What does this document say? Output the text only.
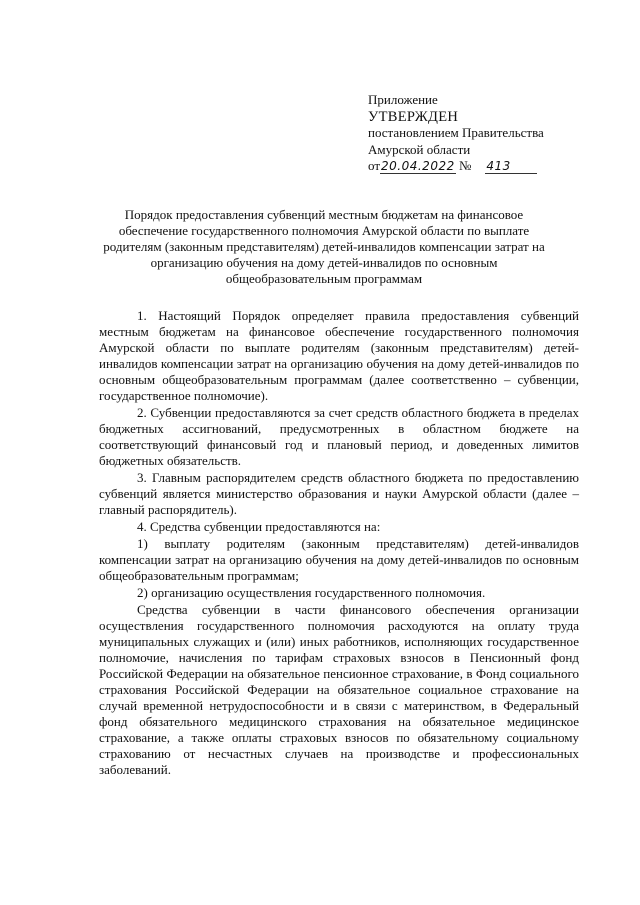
Приложение
УТВЕРЖДЕН
постановлением Правительства
Амурской области
от20.04.2022 № 413
Порядок предоставления субвенций местным бюджетам на финансовое обеспечение государственного полномочия Амурской области по выплате родителям (законным представителям) детей-инвалидов компенсации затрат на организацию обучения на дому детей-инвалидов по основным общеобразовательным программам

1. Настоящий Порядок определяет правила предоставления субвенций местным бюджетам на финансовое обеспечение государственного полномочия Амурской области по выплате родителям (законным представителям) детей-инвалидов компенсации затрат на организацию обучения на дому детей-инвалидов по основным общеобразовательным программам (далее соответственно – субвенции, государственное полномочие).

2. Субвенции предоставляются за счет средств областного бюджета в пределах бюджетных ассигнований, предусмотренных в областном бюджете на соответствующий финансовый год и плановый период, и доведенных лимитов бюджетных обязательств.

3. Главным распорядителем средств областного бюджета по предоставлению субвенций является министерство образования и науки Амурской области (далее – главный распорядитель).

4. Средства субвенции предоставляются на:

1) выплату родителям (законным представителям) детей-инвалидов компенсации затрат на организацию обучения на дому детей-инвалидов по основным общеобразовательным программам;

2) организацию осуществления государственного полномочия.

Средства субвенции в части финансового обеспечения организации осуществления государственного полномочия расходуются на оплату труда муниципальных служащих и (или) иных работников, исполняющих государственное полномочие, начисления по тарифам страховых взносов в Пенсионный фонд Российской Федерации на обязательное пенсионное страхование, в Фонд социального страхования Российской Федерации на обязательное социальное страхование на случай временной нетрудоспособности и в связи с материнством, в Федеральный фонд обязательного медицинского страхования на обязательное медицинское страхование, а также оплаты страховых взносов по обязательному социальному страхованию от несчастных случаев на производстве и профессиональных заболеваний.
